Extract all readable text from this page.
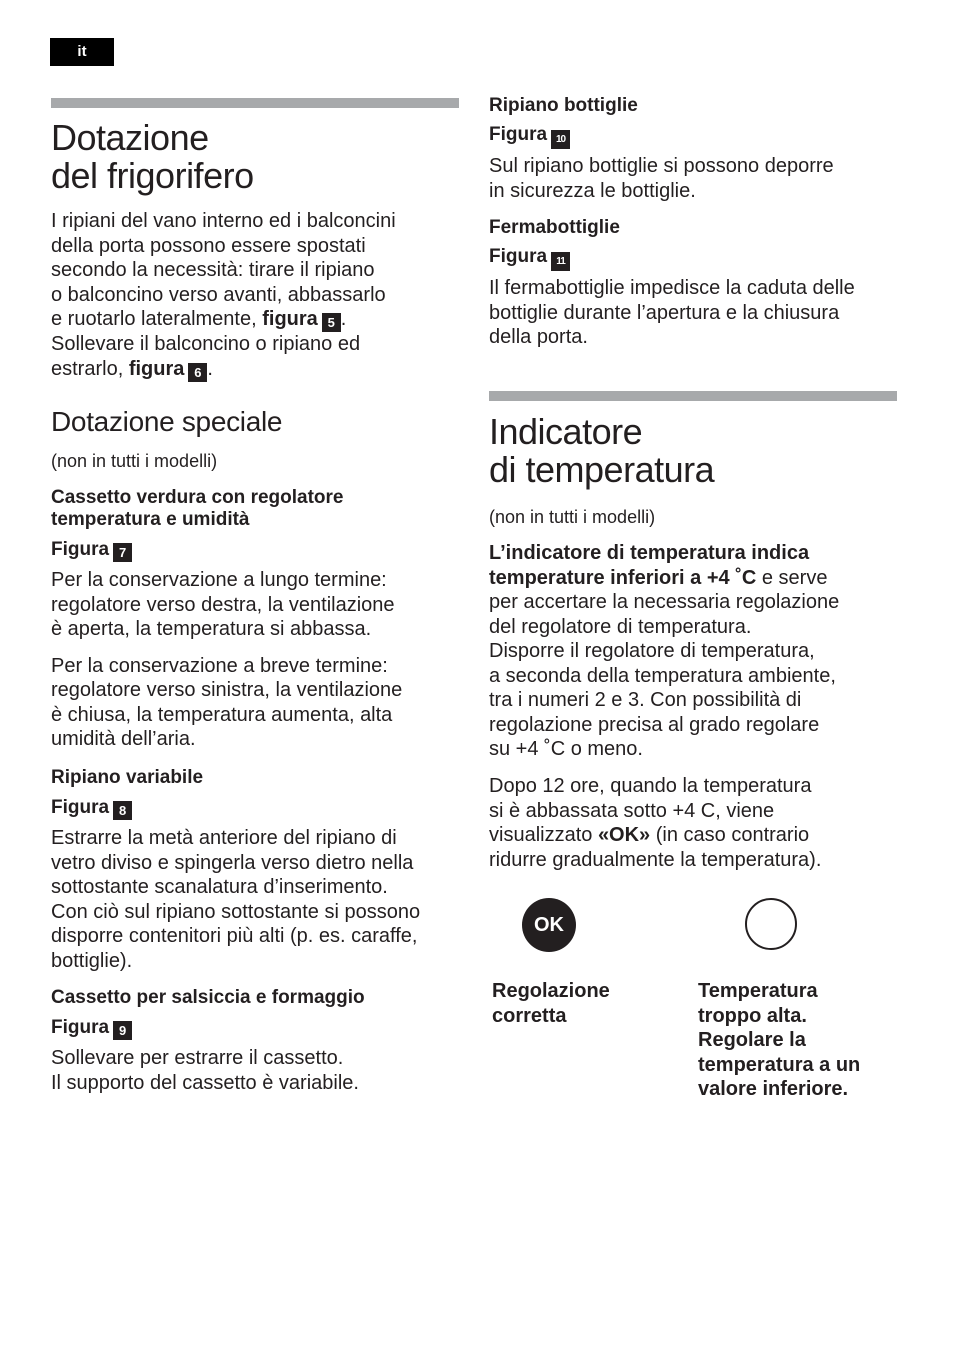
it
Dotazione
del frigorifero

I ripiani del vano interno ed i balconcini

della porta possono essere spostati

secondo la necessità: tirare il ripiano

o balconcino verso avanti, abbassarlo

e ruotarlo lateralmente, figura 5 .

Sollevare il balconcino o ripiano ed

estrarlo, figura 6 .

Dotazione speciale

(non in tutti i modelli)

Cassetto verdura con regolatore

temperatura e umidità

Figura 7

Per la conservazione a lungo termine:

regolatore verso destra, la ventilazione

è aperta, la temperatura si abbassa.

Per la conservazione a breve termine:

regolatore verso sinistra, la ventilazione

è chiusa, la temperatura aumenta, alta

umidità dell’aria.

Ripiano variabile

Figura 8

Estrarre la metà anteriore del ripiano di

vetro diviso e spingerla verso dietro nella

sottostante scanalatura d’inserimento.

Con ciò sul ripiano sottostante si possono

disporre contenitori più alti (p. es. caraffe,

bottiglie).

Cassetto per salsiccia e formaggio

Figura 9

Sollevare per estrarre il cassetto.

Il supporto del cassetto è variabile.

Ripiano bottiglie

Figura 10

Sul ripiano bottiglie si possono deporre

in sicurezza le bottiglie.

Fermabottiglie

Figura 11

Il fermabottiglie impedisce la caduta delle

bottiglie durante l’apertura e la chiusura

della porta.

Indicatore
di temperatura

(non in tutti i modelli)

L’indicatore di temperatura indica

temperature inferiori a +4 ˚C e serve

per accertare la necessaria regolazione

del regolatore di temperatura.

Disporre il regolatore di temperatura,

a seconda della temperatura ambiente,

tra i numeri 2 e 3. Con possibilità di

regolazione precisa al grado regolare

su +4 ˚C o meno.

Dopo 12 ore, quando la temperatura

si è abbassata sotto +4 C, viene

visualizzato «OK» (in caso contrario

ridurre gradualmente la temperatura).

OK
Regolazione
corretta
Temperatura
troppo alta.
Regolare la
temperatura a un
valore inferiore.
